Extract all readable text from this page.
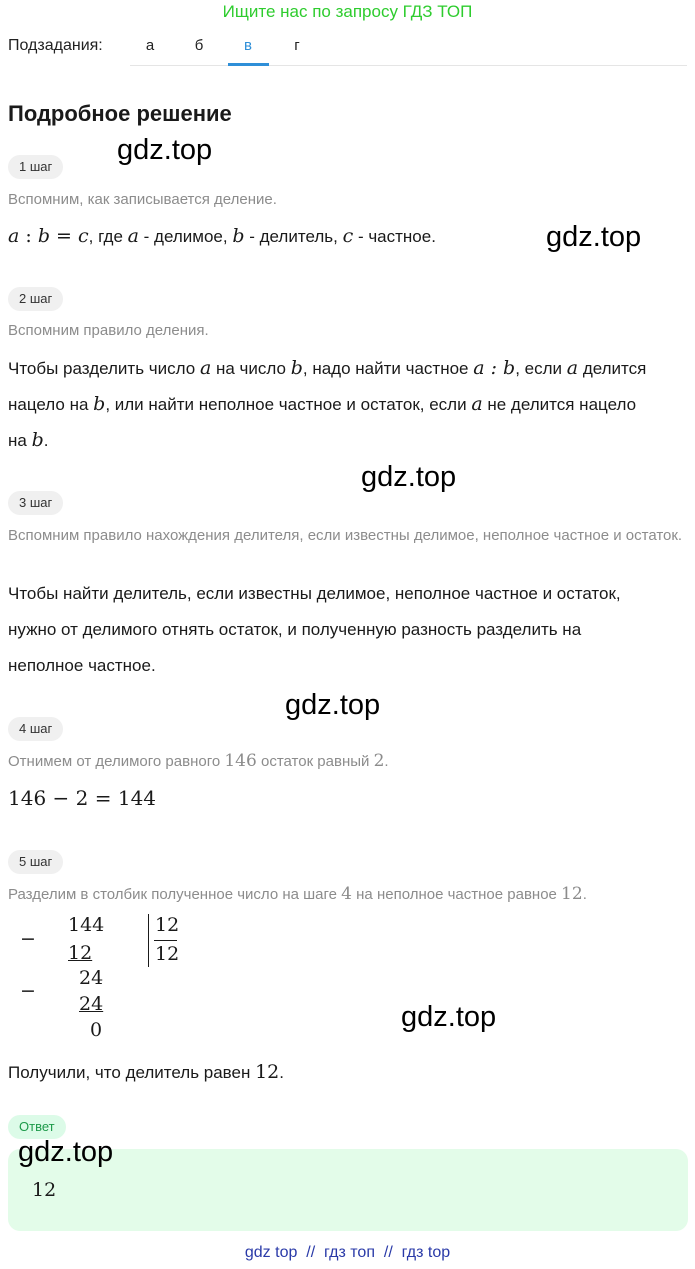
Ищите нас по запросу ГДЗ ТОП
Подзадания:	а	б	в	г
Подробное решение
gdz.top
gdz.top
gdz.top
gdz.top
gdz.top
gdz.top
1 шаг
Вспомним, как записывается деление.
a : b = c, где a - делимое, b - делитель, c - частное.
2 шаг
Вспомним правило деления.
Чтобы разделить число a на число b, надо найти частное a : b, если a делится
нацело на b, или найти неполное частное и остаток, если a не делится нацело
на b.
3 шаг
Вспомним правило нахождения делителя, если известны делимое, неполное частное и остаток.
Чтобы найти делитель, если известны делимое, неполное частное и остаток,
нужно от делимого отнять остаток, и полученную разность разделить на
неполное частное.
4 шаг
Отнимем от делимого равного 146 остаток равный 2.
146 − 2 = 144
5 шаг
Разделим в столбик полученное число на шаге 4 на неполное частное равное 12.
−
144
12
−
24
24
0
12
12
Получили, что делитель равен 12.
Ответ
12
gdz top  //  гдз топ  //  гдз top
